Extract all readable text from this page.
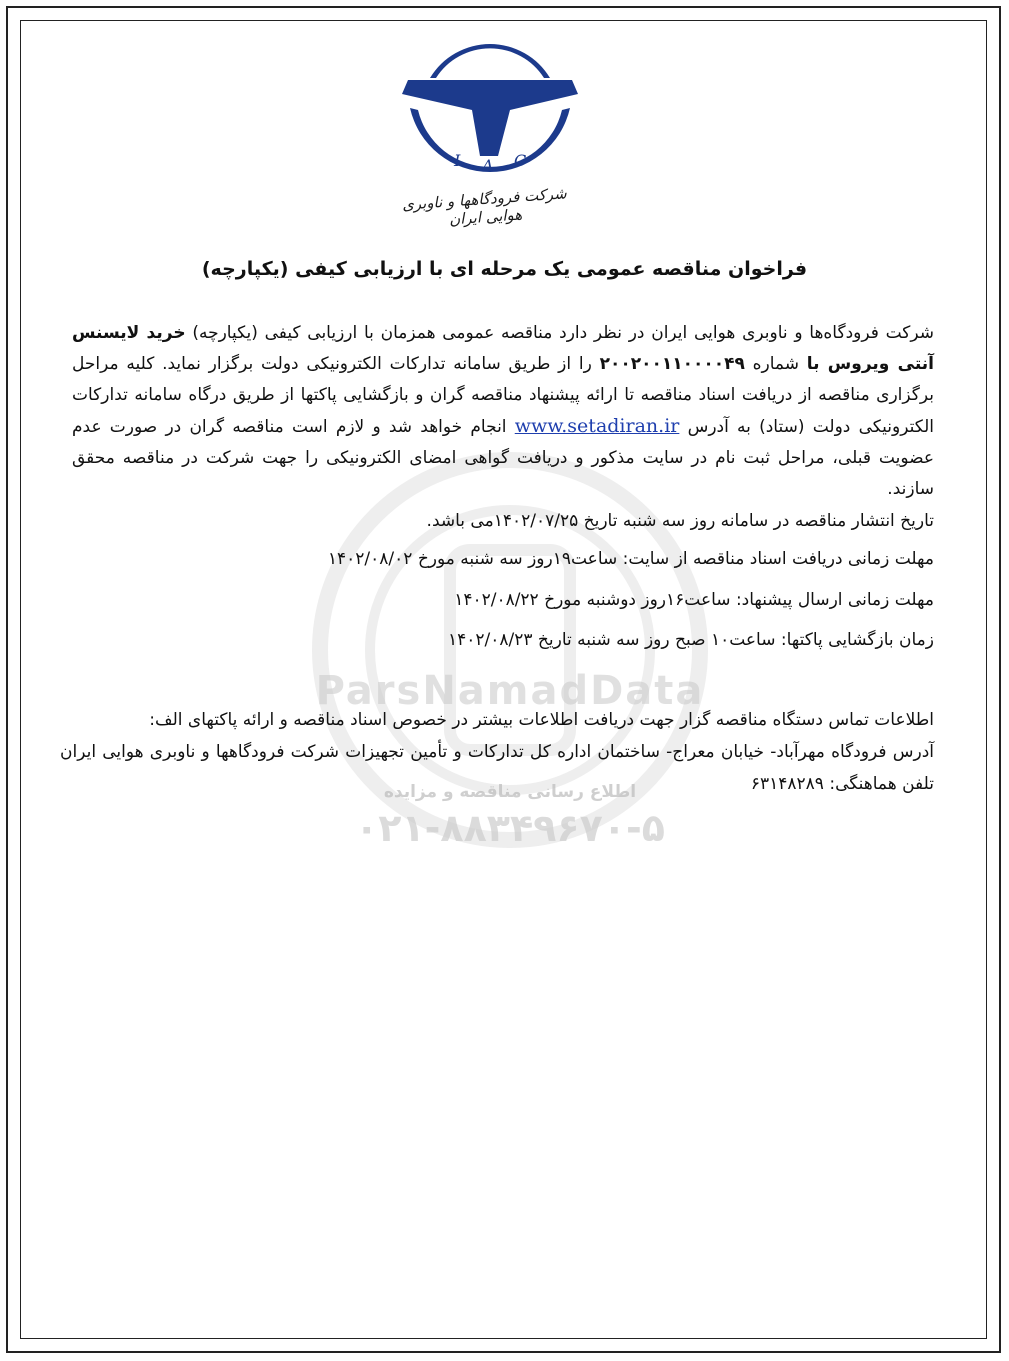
ParsNamadData
اطلاع رسانی مناقصه و مزایده
۰۲۱-۸۸۳۴۹۶۷۰-۵
I A C
شرکت فرودگاهها و ناوبری هوایی ایران
فراخوان مناقصه عمومی یک مرحله ای با ارزیابی کیفی (یکپارچه)
شرکت فرودگاه‌ها و ناوبری هوایی ایران در نظر دارد مناقصه عمومی همزمان با ارزیابی کیفی (یکپارچه) خرید لایسنس آنتی ویروس با شماره ۲۰۰۲۰۰۱۱۰۰۰۰۴۹ را از طریق سامانه تدارکات الکترونیکی دولت برگزار نماید. کلیه مراحل برگزاری مناقصه از دریافت اسناد مناقصه تا ارائه پیشنهاد مناقصه گران و بازگشایی پاکتها از طریق درگاه سامانه تدارکات الکترونیکی دولت (ستاد) به آدرس www.setadiran.ir انجام خواهد شد و لازم است مناقصه گران در صورت عدم عضویت قبلی، مراحل ثبت نام در سایت مذکور و دریافت گواهی امضای الکترونیکی را جهت شرکت در مناقصه محقق سازند.
تاریخ انتشار مناقصه در سامانه روز سه شنبه تاریخ ۱۴۰۲/۰۷/۲۵می باشد.
مهلت زمانی دریافت اسناد مناقصه از سایت: ساعت۱۹روز سه شنبه مورخ ۱۴۰۲/۰۸/۰۲
مهلت زمانی ارسال پیشنهاد: ساعت۱۶روز دوشنبه مورخ ۱۴۰۲/۰۸/۲۲
زمان بازگشایی پاکتها: ساعت۱۰ صبح روز سه شنبه تاریخ ۱۴۰۲/۰۸/۲۳
اطلاعات تماس دستگاه مناقصه گزار جهت دریافت اطلاعات بیشتر در خصوص اسناد مناقصه و ارائه پاکتهای الف:
آدرس فرودگاه مهرآباد- خیابان معراج- ساختمان اداره کل تدارکات و تأمین تجهیزات شرکت فرودگاهها و ناوبری هوایی ایران تلفن هماهنگی: ۶۳۱۴۸۲۸۹
